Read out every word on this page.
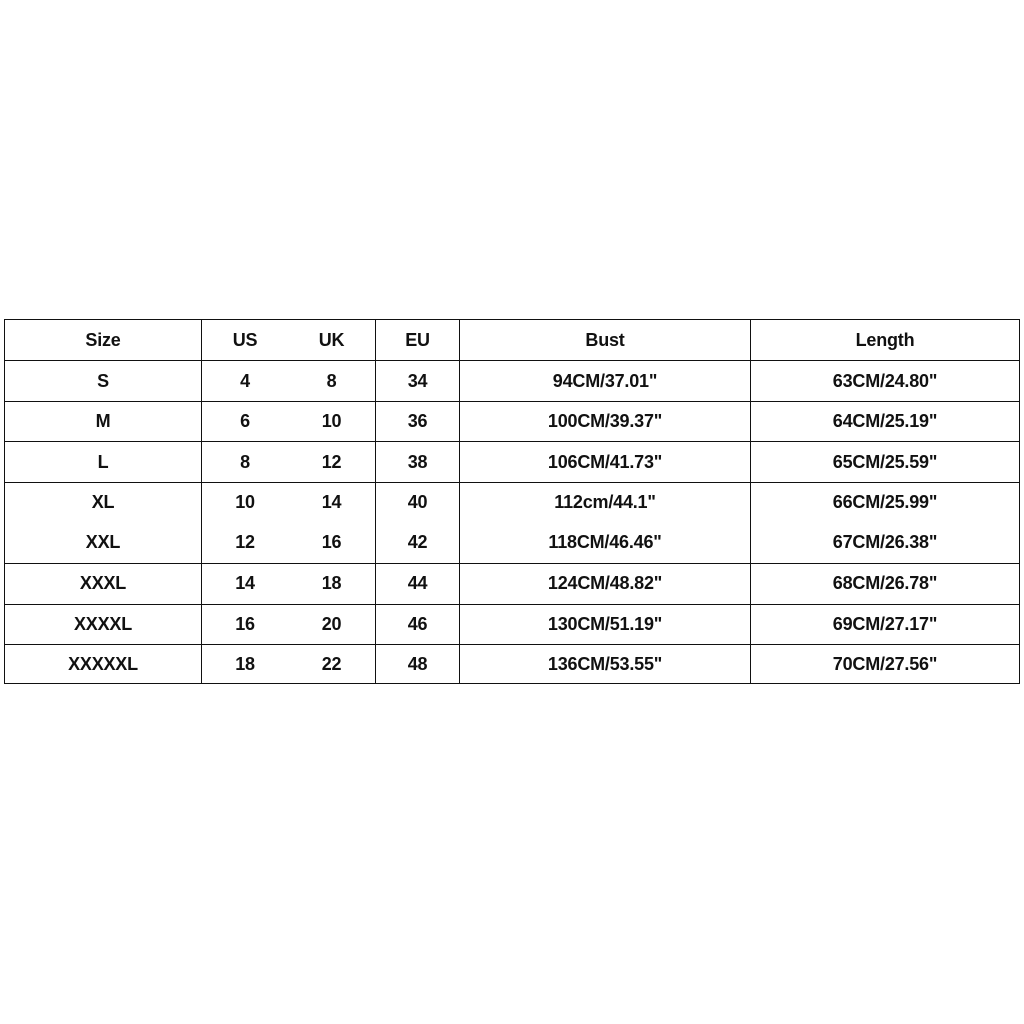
Size	US	UK	EU	Bust	Length
S	4	8	34	94CM/37.01"	63CM/24.80"
M	6	10	36	100CM/39.37"	64CM/25.19"
L	8	12	38	106CM/41.73"	65CM/25.59"
XL	10	14	40	112cm/44.1"	66CM/25.99"
XXL	12	16	42	118CM/46.46"	67CM/26.38"
XXXL	14	18	44	124CM/48.82"	68CM/26.78"
XXXXL	16	20	46	130CM/51.19"	69CM/27.17"
XXXXXL	18	22	48	136CM/53.55"	70CM/27.56"
